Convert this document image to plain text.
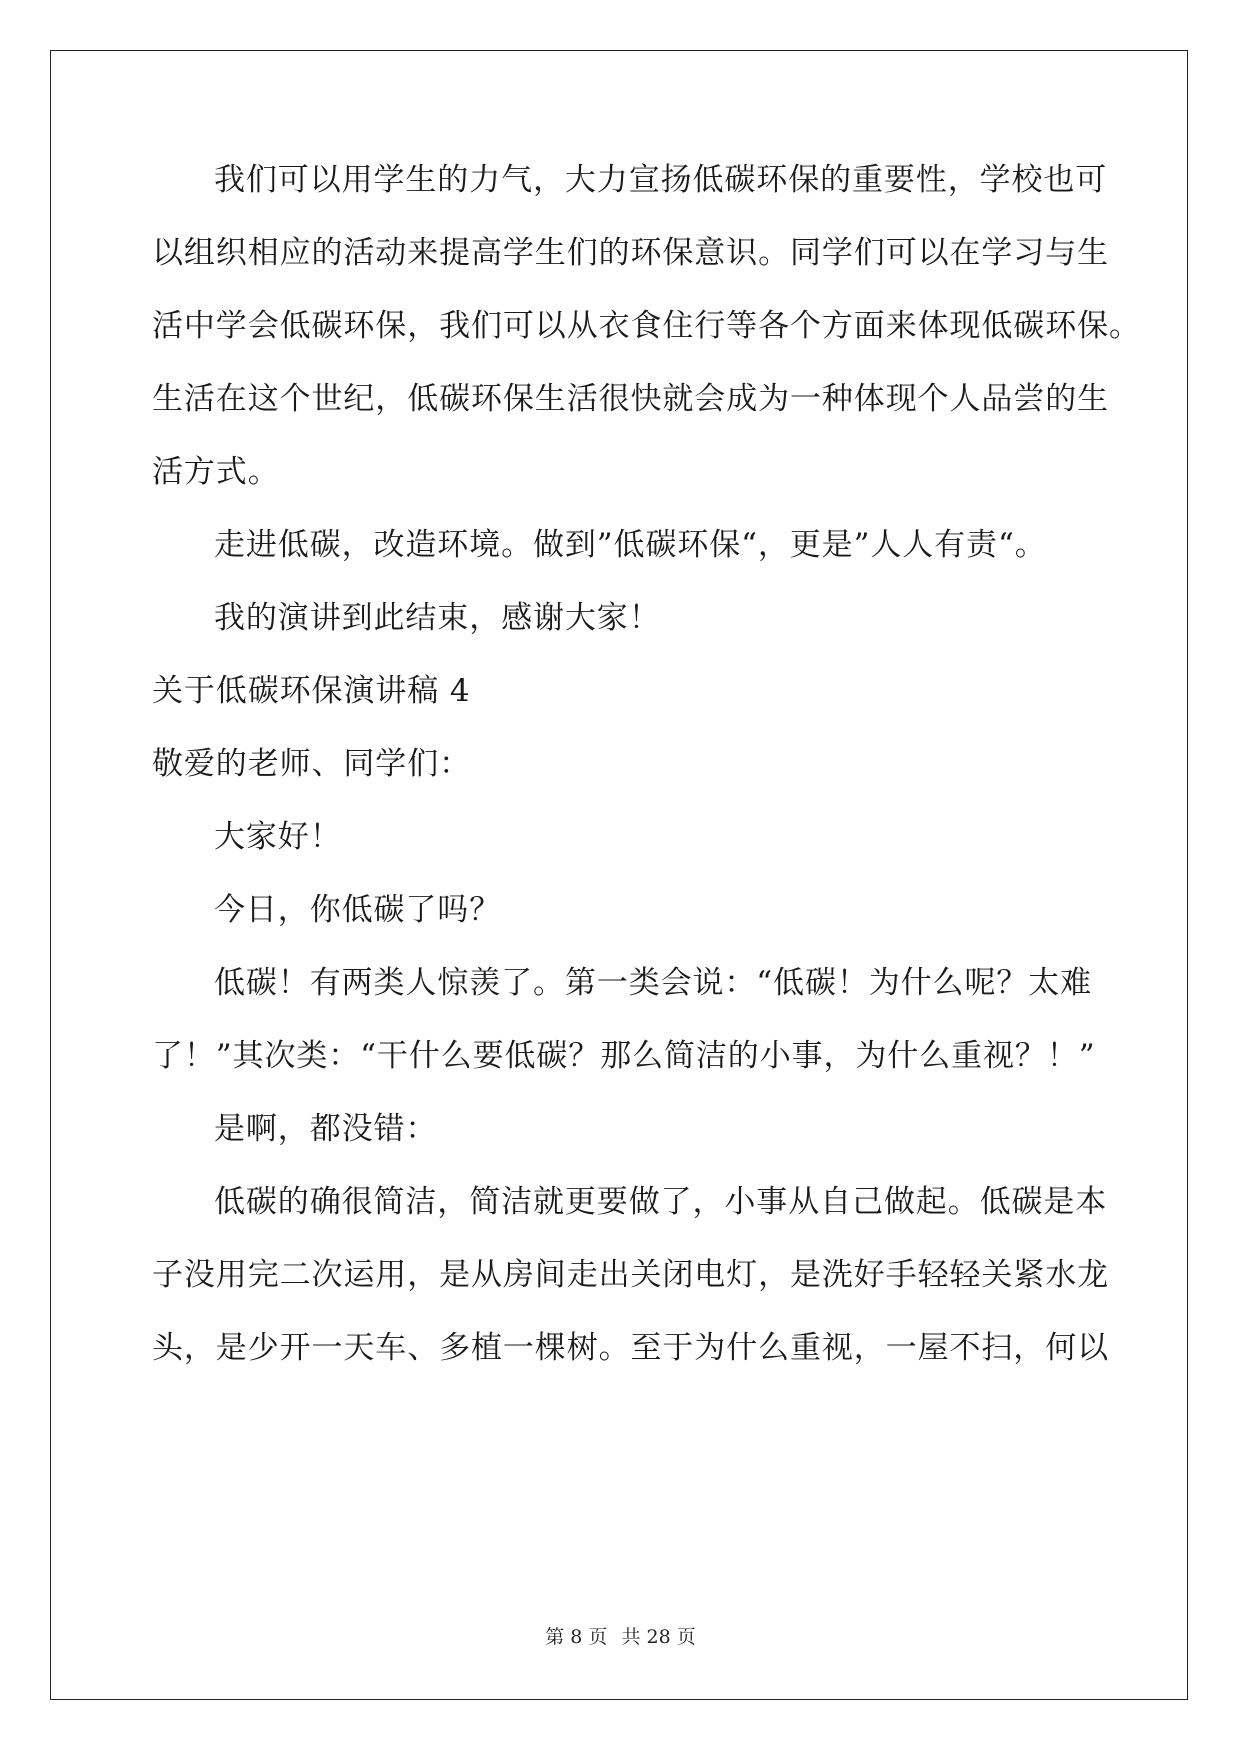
我们可以用学生的力气，大力宣扬低碳环保的重要性，学校也可
以组织相应的活动来提高学生们的环保意识。同学们可以在学习与生
活中学会低碳环保，我们可以从衣食住行等各个方面来体现低碳环保。
生活在这个世纪，低碳环保生活很快就会成为一种体现个人品尝的生
活方式。
走进低碳，改造环境。做到”低碳环保“，更是”人人有责“。
我的演讲到此结束，感谢大家！
关于低碳环保演讲稿 4
敬爱的老师、同学们：
大家好！
今日，你低碳了吗？
低碳！有两类人惊羡了。第一类会说：“低碳！为什么呢？太难
了！”其次类：“干什么要低碳？那么简洁的小事，为什么重视？！”
是啊，都没错：
低碳的确很简洁，简洁就更要做了，小事从自己做起。低碳是本
子没用完二次运用，是从房间走出关闭电灯，是洗好手轻轻关紧水龙
头，是少开一天车、多植一棵树。至于为什么重视，一屋不扫，何以
第 8 页 共 28 页
